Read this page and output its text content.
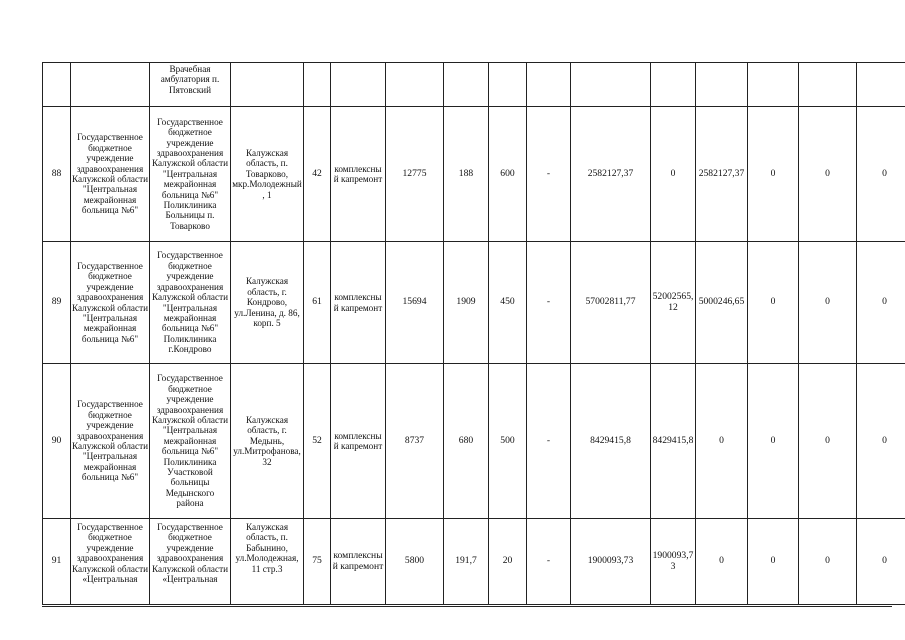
		Врачебная амбулатория п. Пятовский													
88	Государственное бюджетное учреждение здравоохранения Калужской области "Центральная межрайонная больница №6"	Государственное бюджетное учреждение здравоохранения Калужской области "Центральная межрайонная больница №6" Поликлиника Больницы п. Товарково	Калужская область, п. Товарково, мкр.Молодежный, 1	42	комплексный капремонт	12775	188	600	-	2582127,37	0	2582127,37	0	0	0
89	Государственное бюджетное учреждение здравоохранения Калужской области "Центральная межрайонная больница №6"	Государственное бюджетное учреждение здравоохранения Калужской области "Центральная межрайонная больница №6" Поликлиника г.Кондрово	Калужская область, г. Кондрово, ул.Ленина, д. 86, корп. 5	61	комплексный капремонт	15694	1909	450	-	57002811,77	52002565,12	5000246,65	0	0	0
90	Государственное бюджетное учреждение здравоохранения Калужской области "Центральная межрайонная больница №6"	Государственное бюджетное учреждение здравоохранения Калужской области "Центральная межрайонная больница №6" Поликлиника Участковой больницы Медынского района	Калужская область, г. Медынь, ул.Митрофанова, 32	52	комплексный капремонт	8737	680	500	-	8429415,8	8429415,8	0	0	0	0
91	Государственное бюджетное учреждение здравоохранения Калужской области «Центральная	Государственное бюджетное учреждение здравоохранения Калужской области «Центральная	Калужская область, п. Бабынино, ул.Молодежная, 11 стр.3	75	комплексный капремонт	5800	191,7	20	-	1900093,73	1900093,73	0	0	0	0
